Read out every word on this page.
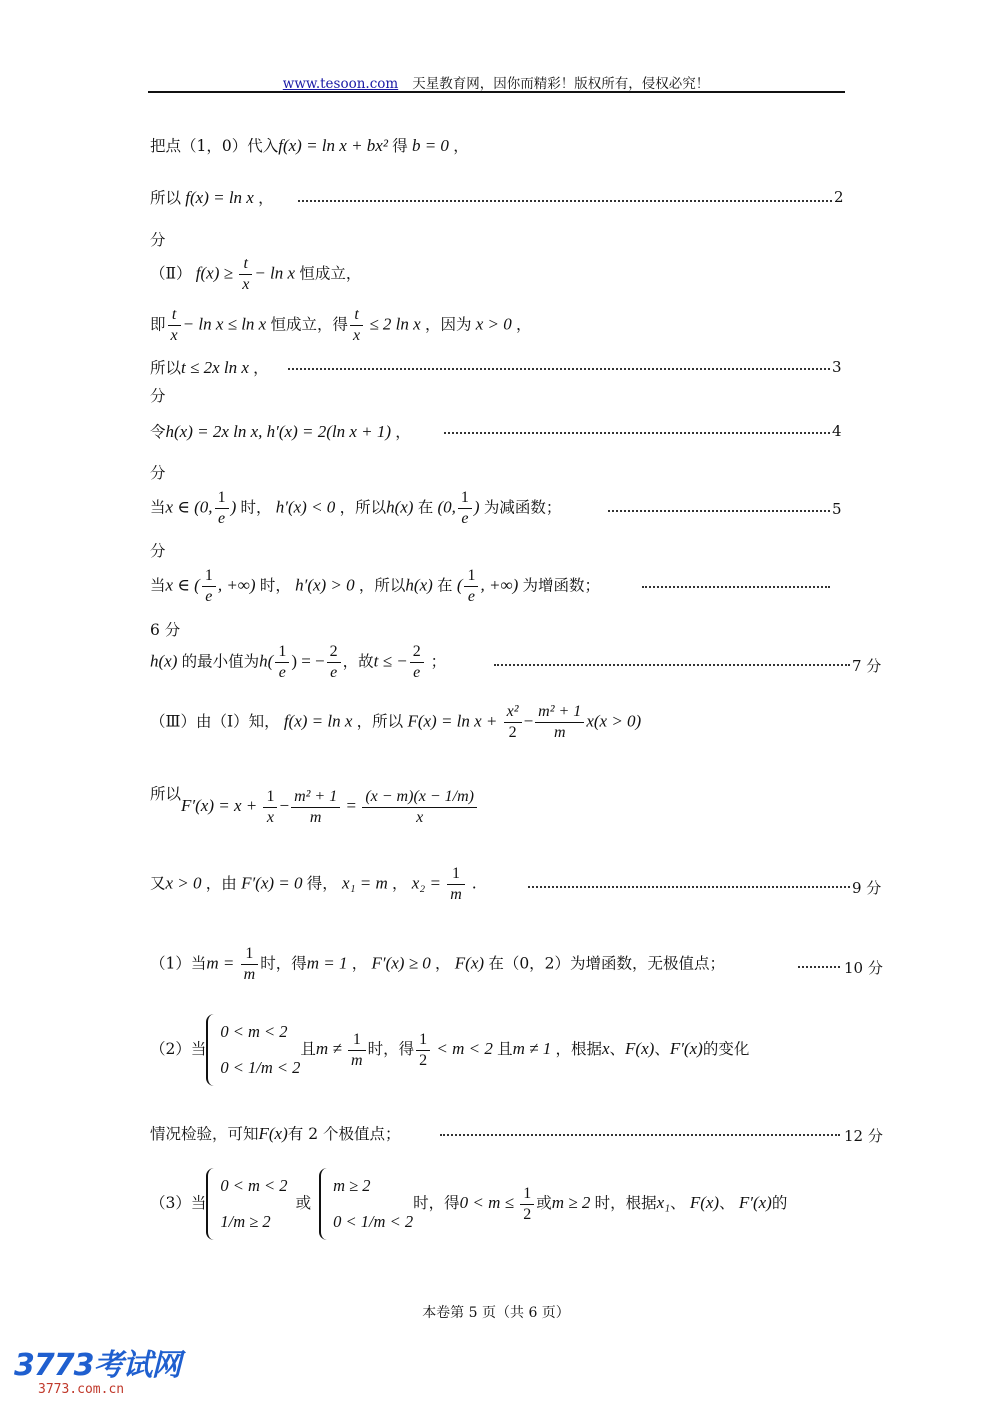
www.tesoon.com 天星教育网，因你而精彩！版权所有，侵权必究！
把点（1，0）代入f(x) = ln x + bx² 得 b = 0 ，
所以 f(x) = ln x ，	2
分
（Ⅱ） $f(x) \ge \frac{t}{x} - \ln x$ 恒成立，
即 $\frac{t}{x} - \ln x \le \ln x$ 恒成立，得 $\frac{t}{x} \le 2$ ln x ，因为 x > 0 ，
所以t ≤ 2x ln x ，	3
分
令h(x) = 2x ln x, h′(x) = 2(ln x + 1) ，	4
分
当x ∈ (0, $\frac{1}{e}$ ) 时， h′(x) < 0 ，所以h(x) 在 (0, $\frac{1}{e}$ ) 为减函数；	5
分
当x ∈ ( $\frac{1}{e}$ , +∞) 时， h′(x) > 0 ，所以h(x) 在 ( $\frac{1}{e}$ , +∞) 为增函数；
6 分
h(x) 的最小值为$h( \frac{1}{e}$ ) = − $\frac{2}{e}$ ，故t ≤ − $\frac{2}{e}$ ；	7 分
（Ⅲ）由（Ⅰ）知， f(x) = ln x ，所以 $F(x) = \ln x + \frac{\text{x²}}{2} - \frac{\text{m² + 1}}{m} x(x > 0)$
所以$F'(x) = x + \frac{1}{x} - \frac{\text{m² + 1}}{m} = \frac{(x - m)(x - 1/m)}{x}$
又x > 0 ，由 F′(x) = 0 得， x₁ = m ， $x_2 = \frac{1}{m}$ .	9 分
（1）当$m = \frac{1}{m}$ 时，得m = 1 ， F′(x) ≥ 0 ， F(x) 在（0，2）为增函数，无极值点；	10 分
（2）当
0 < m < 2
0 < 1/m < 2
且$m \ne \frac{1}{m}$ 时，得 $\frac{1}{2} < m < 2$ 且m ≠ 1 ，根据x、F(x)、F′(x)的变化
情况检验，可知F(x)有 2 个极值点；	12 分
（3）当
0 < m < 2
1/m ≥ 2
或
m ≥ 2
0 < 1/m < 2
时，得$0 < m \le \frac{1}{2}$ 或m ≥ 2 时，根据x₁、 F(x)、 F′(x)的
本卷第 5 页（共 6 页）
3773考试网
3773.com.cn
